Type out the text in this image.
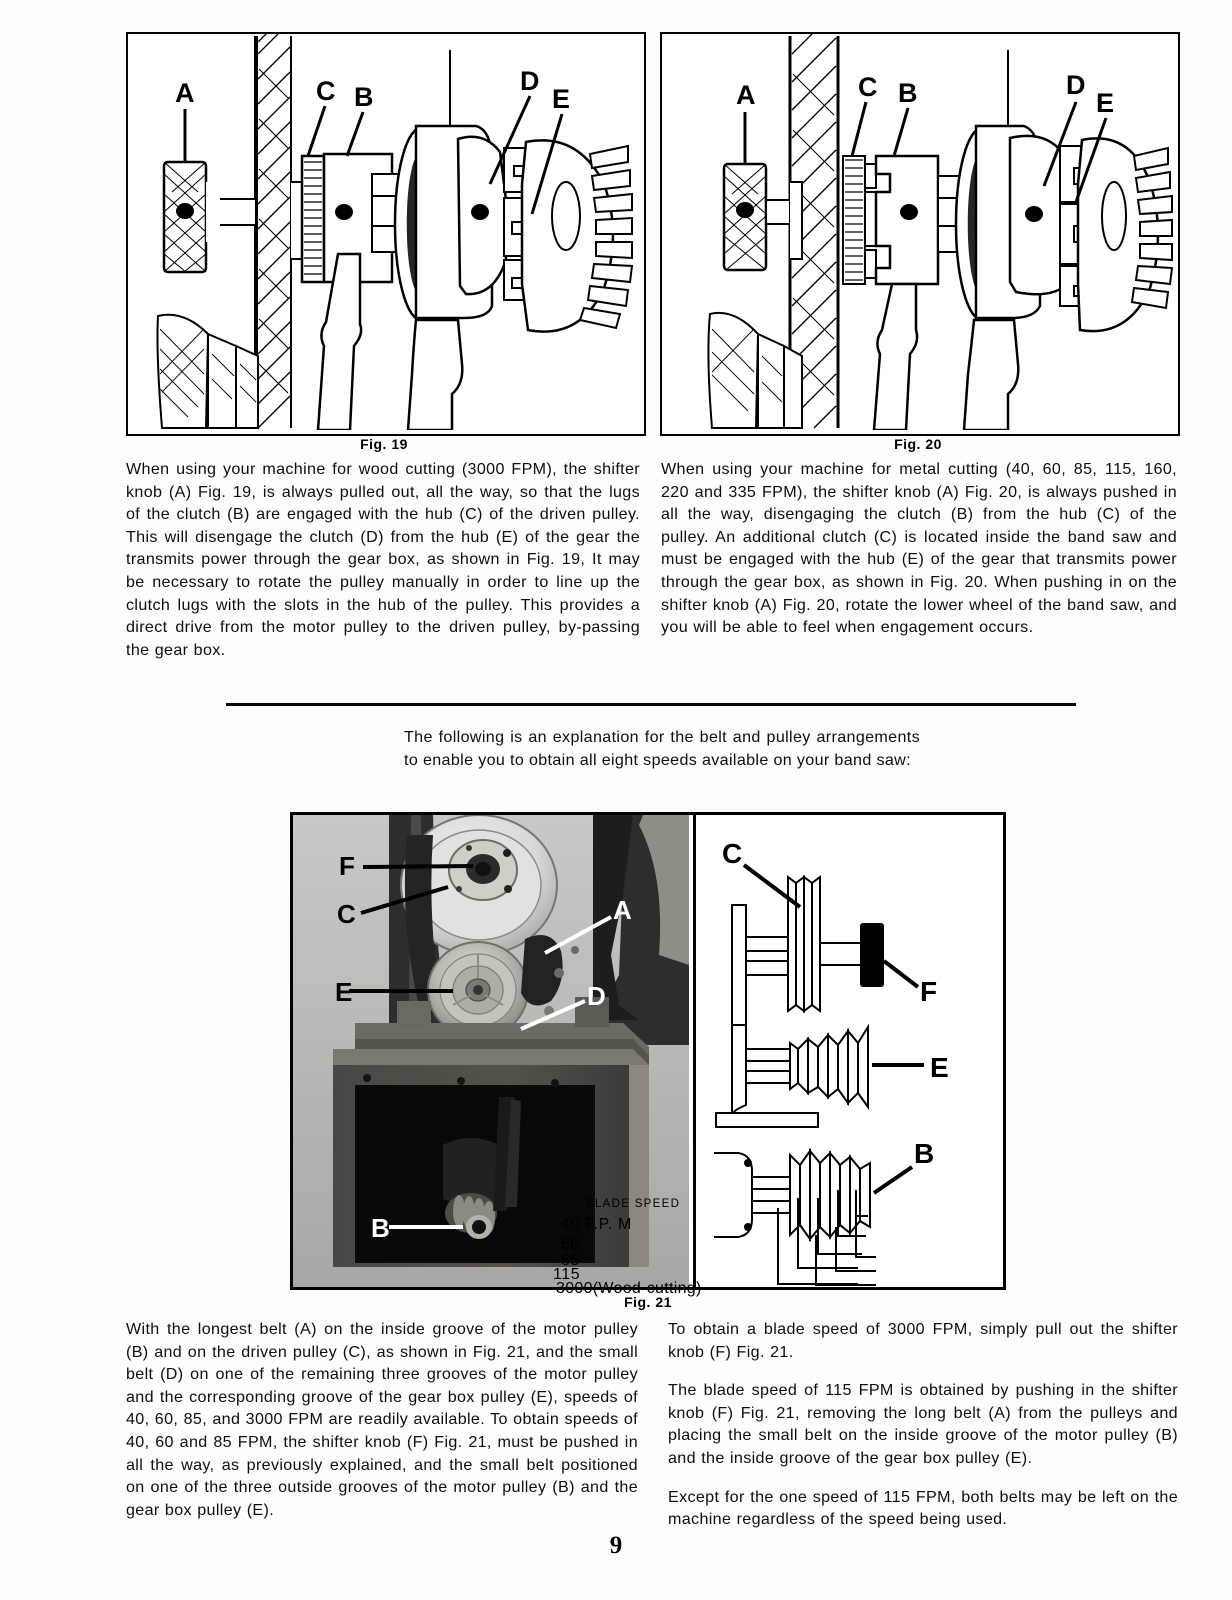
A	C B
D
E
Fig. 19
A	C B	D
E
Fig. 20
When using your machine for wood cutting (3000 FPM), the shifter knob (A) Fig. 19, is always pulled out, all the way, so that the lugs of the clutch (B) are engaged with the hub (C) of the driven pulley. This will disengage the clutch (D) from the hub (E) of the gear the transmits power through the gear box, as shown in Fig. 19, It may be necessary to rotate the pulley manually in order to line up the clutch lugs with the slots in the hub of the pulley. This provides a direct drive from the motor pulley to the driven pulley, by-passing the gear box.
When using your machine for metal cutting (40, 60, 85, 115, 160, 220 and 335 FPM), the shifter knob (A) Fig. 20, is always pushed in all the way, disengaging the clutch (B) from the hub (C) of the pulley. An additional clutch (C) is located inside the band saw and must be engaged with the hub (E) of the gear that transmits power through the gear box, as shown in Fig. 20. When pushing in on the shifter knob (A) Fig. 20, rotate the lower wheel of the band saw, and you will be able to feel when engagement occurs.
The following is an explanation for the belt and pulley arrangements to enable you to obtain all eight speeds available on your band saw:
F
C
E
A
D
B
C
F
E
B
BLADE SPEED
40 F.P. M
60
85
115
3000(Wood-cutting)
Fig. 21
With the longest belt (A) on the inside groove of the motor pulley (B) and on the driven pulley (C), as shown in Fig. 21, and the small belt (D) on one of the remaining three grooves of the motor pulley and the corresponding groove of the gear box pulley (E), speeds of 40, 60, 85, and 3000 FPM are readily available. To obtain speeds of 40, 60 and 85 FPM, the shifter knob (F) Fig. 21, must be pushed in all the way, as previously explained, and the small belt positioned on one of the three outside grooves of the motor pulley (B) and the gear box pulley (E).

To obtain a blade speed of 3000 FPM, simply pull out the shifter knob (F) Fig. 21.

The blade speed of 115 FPM is obtained by pushing in the shifter knob (F) Fig. 21, removing the long belt (A) from the pulleys and placing the small belt on the inside groove of the motor pulley (B) and the inside groove of the gear box pulley (E).

Except for the one speed of 115 FPM, both belts may be left on the machine regardless of the speed being used.

9
